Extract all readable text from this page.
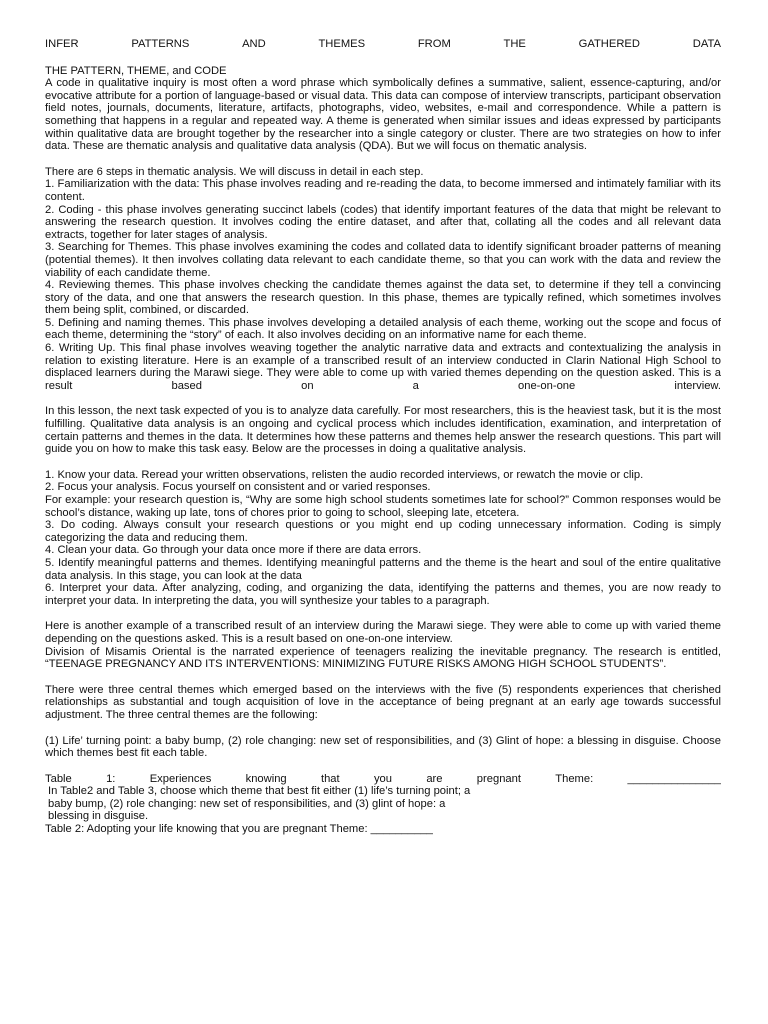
INFER	PATTERNS	AND	THEMES	FROM	THE	GATHERED	DATA

THE PATTERN, THEME, and CODE

A code in qualitative inquiry is most often a word phrase which symbolically defines a summative, salient, essence-capturing, and/or evocative attribute for a portion of language-based or visual data. This data can compose of interview transcripts, participant observation field notes, journals, documents, literature, artifacts, photographs, video, websites, e-mail and correspondence. While a pattern is something that happens in a regular and repeated way. A theme is generated when similar issues and ideas expressed by participants within qualitative data are brought together by the researcher into a single category or cluster. There are two strategies on how to infer data. These are thematic analysis and qualitative data analysis (QDA). But we will focus on thematic analysis.

There are 6 steps in thematic analysis. We will discuss in detail in each step.

1. Familiarization with the data: This phase involves reading and re-reading the data, to become immersed and intimately familiar with its content.

2. Coding - this phase involves generating succinct labels (codes) that identify important features of the data that might be relevant to answering the research question. It involves coding the entire dataset, and after that, collating all the codes and all relevant data extracts, together for later stages of analysis.

3. Searching for Themes. This phase involves examining the codes and collated data to identify significant broader patterns of meaning (potential themes). It then involves collating data relevant to each candidate theme, so that you can work with the data and review the viability of each candidate theme.

4. Reviewing themes. This phase involves checking the candidate themes against the data set, to determine if they tell a convincing story of the data, and one that answers the research question. In this phase, themes are typically refined, which sometimes involves them being split, combined, or discarded.

5. Defining and naming themes. This phase involves developing a detailed analysis of each theme, working out the scope and focus of each theme, determining the “story” of each. It also involves deciding on an informative name for each theme.

6. Writing Up. This final phase involves weaving together the analytic narrative data and extracts and contextualizing the analysis in relation to existing literature. Here is an example of a transcribed result of an interview conducted in Clarin National High School to displaced learners during the Marawi siege. They were able to come up with varied themes depending on the question asked. This is a result based on a one-on-one interview.

In this lesson, the next task expected of you is to analyze data carefully. For most researchers, this is the heaviest task, but it is the most fulfilling. Qualitative data analysis is an ongoing and cyclical process which includes identification, examination, and interpretation of certain patterns and themes in the data. It determines how these patterns and themes help answer the research questions. This part will guide you on how to make this task easy. Below are the processes in doing a qualitative analysis.

1. Know your data. Reread your written observations, relisten the audio recorded interviews, or rewatch the movie or clip.

2. Focus your analysis. Focus yourself on consistent and or varied responses.

For example: your research question is, “Why are some high school students sometimes late for school?” Common responses would be school’s distance, waking up late, tons of chores prior to going to school, sleeping late, etcetera.

3. Do coding. Always consult your research questions or you might end up coding unnecessary information. Coding is simply categorizing the data and reducing them.

4. Clean your data. Go through your data once more if there are data errors.

5. Identify meaningful patterns and themes. Identifying meaningful patterns and the theme is the heart and soul of the entire qualitative data analysis. In this stage, you can look at the data

6. Interpret your data. After analyzing, coding, and organizing the data, identifying the patterns and themes, you are now ready to interpret your data. In interpreting the data, you will synthesize your tables to a paragraph.

Here is another example of a transcribed result of an interview during the Marawi siege. They were able to come up with varied theme depending on the questions asked. This is a result based on one-on-one interview.

Division of Misamis Oriental is the narrated experience of teenagers realizing the inevitable pregnancy. The research is entitled, “TEENAGE PREGNANCY AND ITS INTERVENTIONS: MINIMIZING FUTURE RISKS AMONG HIGH SCHOOL STUDENTS”.

There were three central themes which emerged based on the interviews with the five (5) respondents experiences that cherished relationships as substantial and tough acquisition of love in the acceptance of being pregnant at an early age towards successful adjustment. The three central themes are the following:

(1) Life’ turning point: a baby bump, (2) role changing: new set of responsibilities, and (3) Glint of hope: a blessing in disguise. Choose which themes best fit each table.

Table	1:	Experiences	knowing	that	you	are	pregnant	Theme:	_______________

In Table2 and Table 3, choose which theme that best fit either (1) life’s turning point; a baby bump, (2) role changing: new set of responsibilities, and (3) glint of hope: a blessing in disguise.

Table 2: Adopting your life knowing that you are pregnant Theme: __________
